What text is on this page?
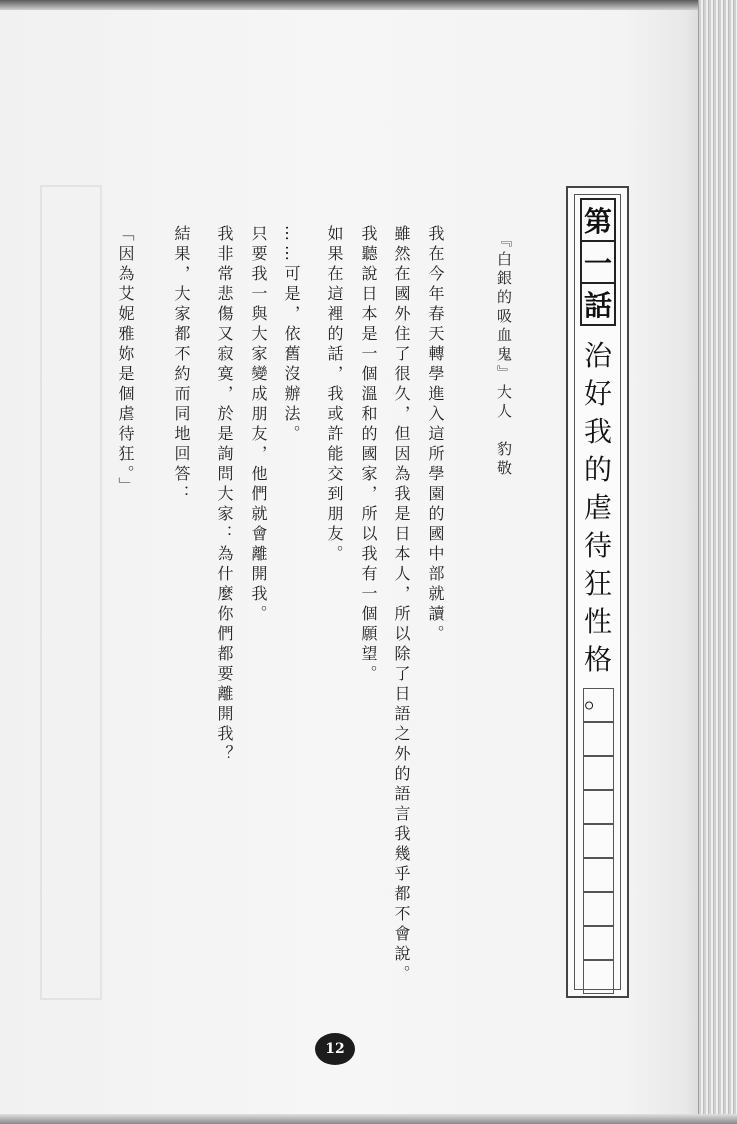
第
一
話
治
好
我
的
虐
待
狂
性
格
。
『白銀的吸血鬼』大人　豹敬
我在今年春天轉學進入這所學園的國中部就讀。
雖然在國外住了很久，但因為我是日本人，所以除了日語之外的語言我幾乎都不會說。
我聽說日本是一個溫和的國家，所以我有一個願望。
如果在這裡的話，我或許能交到朋友。
……可是，依舊沒辦法。
只要我一與大家變成朋友，他們就會離開我。
我非常悲傷又寂寞，於是詢問大家：為什麼你們都要離開我？
結果，大家都不約而同地回答：
「因為艾妮雅妳是個虐待狂。」
12
